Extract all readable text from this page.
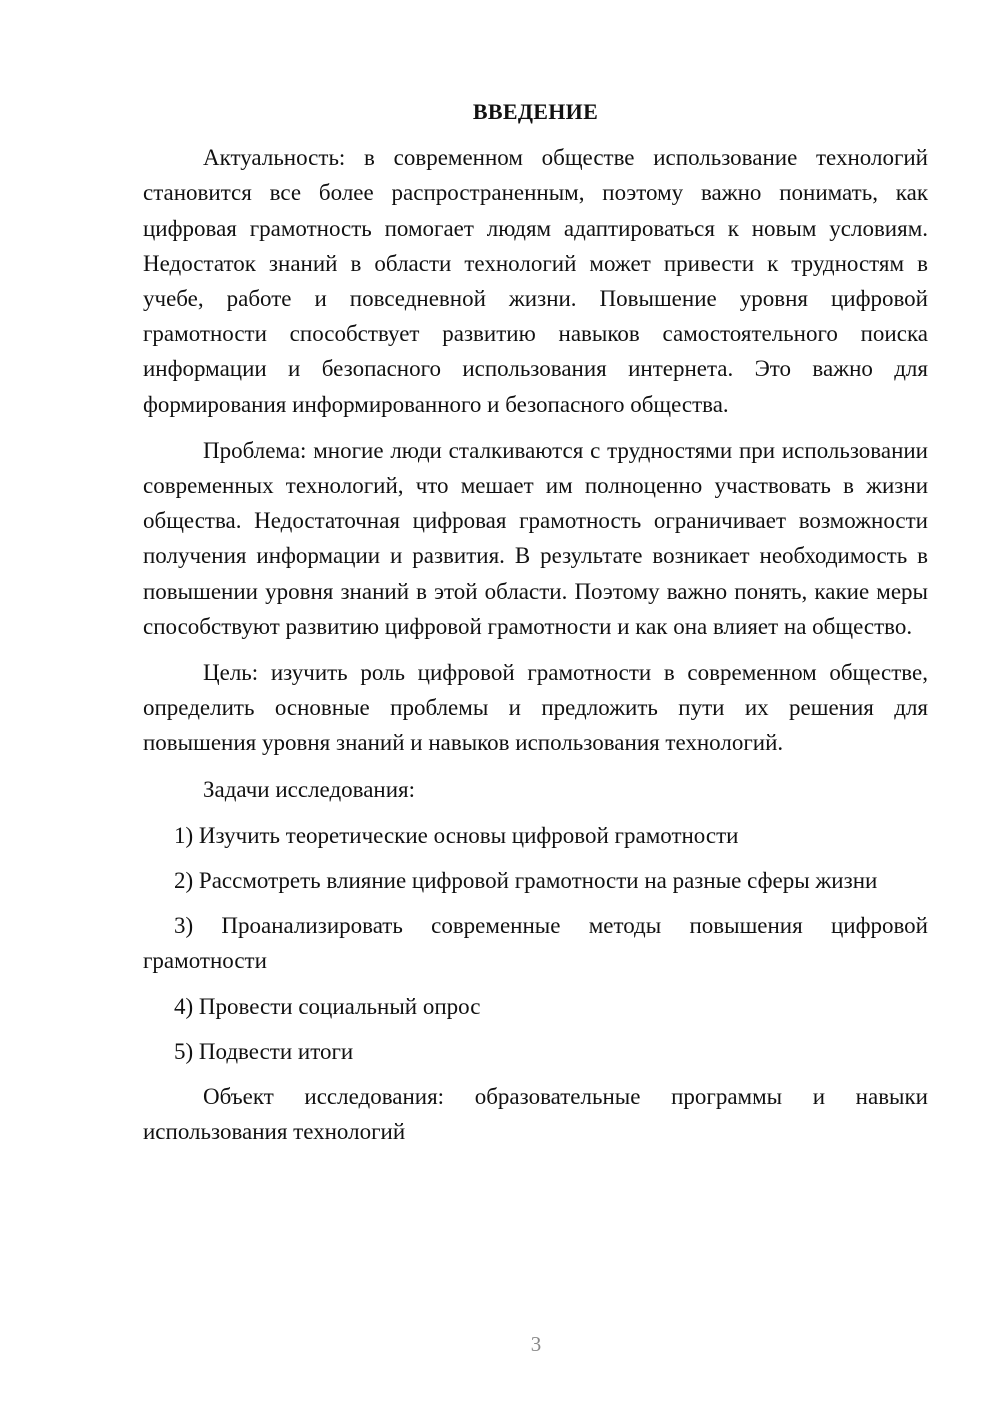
ВВЕДЕНИЕ

Актуальность: в современном обществе использование технологий становится все более распространенным, поэтому важно понимать, как цифровая грамотность помогает людям адаптироваться к новым условиям. Недостаток знаний в области технологий может привести к трудностям в учебе, работе и повседневной жизни. Повышение уровня цифровой грамотности способствует развитию навыков самостоятельного поиска информации и безопасного использования интернета. Это важно для формирования информированного и безопасного общества.

Проблема: многие люди сталкиваются с трудностями при использовании современных технологий, что мешает им полноценно участвовать в жизни общества. Недостаточная цифровая грамотность ограничивает возможности получения информации и развития. В результате возникает необходимость в повышении уровня знаний в этой области. Поэтому важно понять, какие меры способствуют развитию цифровой грамотности и как она влияет на общество.

Цель: изучить роль цифровой грамотности в современном обществе, определить основные проблемы и предложить пути их решения для повышения уровня знаний и навыков использования технологий.

Задачи исследования:

1) Изучить теоретические основы цифровой грамотности

2) Рассмотреть влияние цифровой грамотности на разные сферы жизни

3) Проанализировать современные методы повышения цифровой грамотности

4) Провести социальный опрос

5) Подвести итоги

Объект исследования: образовательные программы и навыки использования технологий

3
